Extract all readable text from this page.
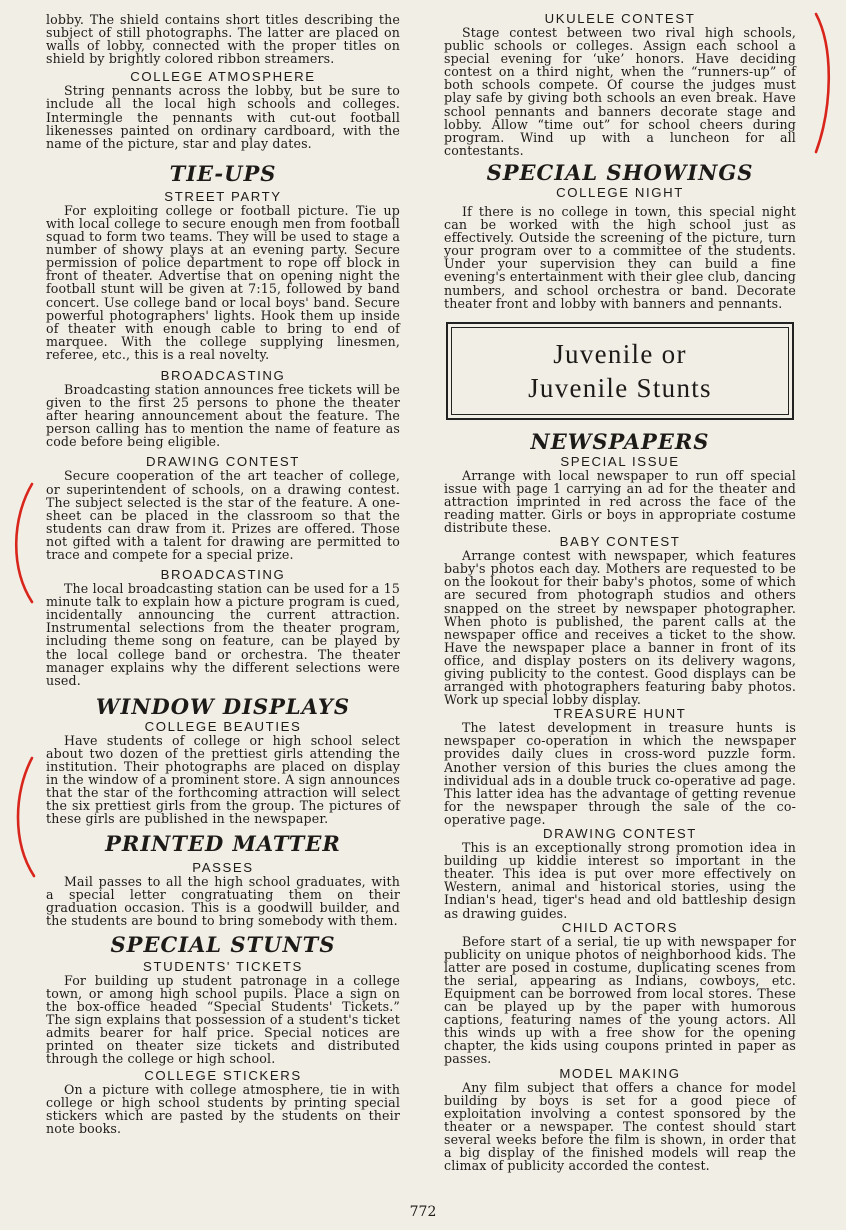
lobby. The shield contains short titles describing the subject of still photographs. The latter are placed on walls of lobby, connected with the proper titles on shield by brightly colored ribbon streamers.

COLLEGE ATMOSPHERE

String pennants across the lobby, but be sure to include all the local high schools and colleges. Intermingle the pennants with cut-out football likenesses painted on ordinary cardboard, with the name of the picture, star and play dates.

TIE-UPS

STREET PARTY

For exploiting college or football picture. Tie up with local college to secure enough men from football squad to form two teams. They will be used to stage a number of showy plays at an evening party. Secure permission of police department to rope off block in front of theater. Advertise that on opening night the football stunt will be given at 7:15, followed by band concert. Use college band or local boys' band. Secure powerful photographers' lights. Hook them up inside of theater with enough cable to bring to end of marquee. With the college supplying linesmen, referee, etc., this is a real novelty.

BROADCASTING

Broadcasting station announces free tickets will be given to the first 25 persons to phone the theater after hearing announcement about the feature. The person calling has to mention the name of feature as code before being eligible.

DRAWING CONTEST

Secure cooperation of the art teacher of college, or superintendent of schools, on a drawing contest. The subject selected is the star of the feature. A one-sheet can be placed in the classroom so that the students can draw from it. Prizes are offered. Those not gifted with a talent for drawing are permitted to trace and compete for a special prize.

BROADCASTING

The local broadcasting station can be used for a 15 minute talk to explain how a picture program is cued, incidentally announcing the current attraction. Instrumental selections from the theater program, including theme song on feature, can be played by the local college band or orchestra. The theater manager explains why the different selections were used.

WINDOW DISPLAYS

COLLEGE BEAUTIES

Have students of college or high school select about two dozen of the prettiest girls attending the institution. Their photographs are placed on display in the window of a prominent store. A sign announces that the star of the forthcoming attraction will select the six prettiest girls from the group. The pictures of these girls are published in the newspaper.

PRINTED MATTER

PASSES

Mail passes to all the high school graduates, with a special letter congratuating them on their graduation occasion. This is a goodwill builder, and the students are bound to bring somebody with them.

SPECIAL STUNTS

STUDENTS' TICKETS

For building up student patronage in a college town, or among high school pupils. Place a sign on the box-office headed “Special Students' Tickets.” The sign explains that possession of a student's ticket admits bearer for half price. Special notices are printed on theater size tickets and distributed through the college or high school.

COLLEGE STICKERS

On a picture with college atmosphere, tie in with college or high school students by printing special stickers which are pasted by the students on their note books.

UKULELE CONTEST

Stage contest between two rival high schools, public schools or colleges. Assign each school a special evening for ‘uke’ honors. Have deciding contest on a third night, when the “runners-up” of both schools compete. Of course the judges must play safe by giving both schools an even break. Have school pennants and banners decorate stage and lobby. Allow “time out” for school cheers during program. Wind up with a luncheon for all contestants.

SPECIAL SHOWINGS

COLLEGE NIGHT

If there is no college in town, this special night can be worked with the high school just as effectively. Outside the screening of the picture, turn your program over to a committee of the students. Under your supervision they can build a fine evening's entertainment with their glee club, dancing numbers, and school orchestra or band. Decorate theater front and lobby with banners and pennants.

Juvenile or
Juvenile Stunts
NEWSPAPERS

SPECIAL ISSUE

Arrange with local newspaper to run off special issue with page 1 carrying an ad for the theater and attraction imprinted in red across the face of the reading matter. Girls or boys in appropriate costume distribute these.

BABY CONTEST

Arrange contest with newspaper, which features baby's photos each day. Mothers are requested to be on the lookout for their baby's photos, some of which are secured from photograph studios and others snapped on the street by newspaper photographer. When photo is published, the parent calls at the newspaper office and receives a ticket to the show. Have the newspaper place a banner in front of its office, and display posters on its delivery wagons, giving publicity to the contest. Good displays can be arranged with photographers featuring baby photos. Work up special lobby display.

TREASURE HUNT

The latest development in treasure hunts is newspaper co-operation in which the newspaper provides daily clues in cross-word puzzle form. Another version of this buries the clues among the individual ads in a double truck co-operative ad page. This latter idea has the advantage of getting revenue for the newspaper through the sale of the co-operative page.

DRAWING CONTEST

This is an exceptionally strong promotion idea in building up kiddie interest so important in the theater. This idea is put over more effectively on Western, animal and historical stories, using the Indian's head, tiger's head and old battleship design as drawing guides.

CHILD ACTORS

Before start of a serial, tie up with newspaper for publicity on unique photos of neighborhood kids. The latter are posed in costume, duplicating scenes from the serial, appearing as Indians, cowboys, etc. Equipment can be borrowed from local stores. These can be played up by the paper with humorous captions, featuring names of the young actors. All this winds up with a free show for the opening chapter, the kids using coupons printed in paper as passes.

MODEL MAKING

Any film subject that offers a chance for model building by boys is set for a good piece of exploitation involving a contest sponsored by the theater or a newspaper. The contest should start several weeks before the film is shown, in order that a big display of the finished models will reap the climax of publicity accorded the contest.

772
